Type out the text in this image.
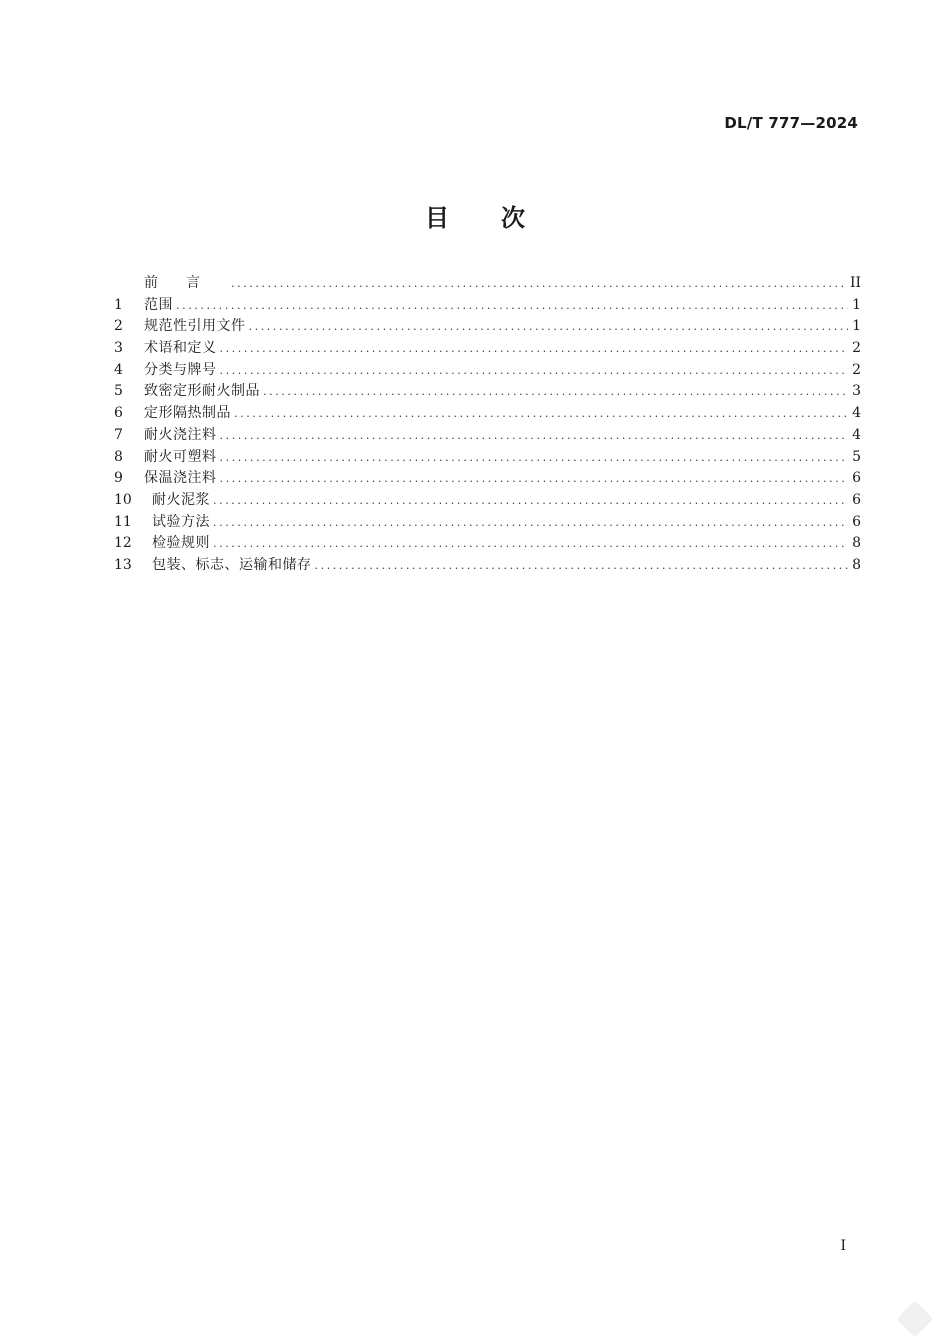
DL/T 777—2024
目次
前言 .....	II
1	范围 .....	1
2	规范性引用文件 .....	1
3	术语和定义 .....	2
4	分类与牌号 .....	2
5	致密定形耐火制品 .....	3
6	定形隔热制品 .....	4
7	耐火浇注料 .....	4
8	耐火可塑料 .....	5
9	保温浇注料 .....	6
10	耐火泥浆 .....	6
11	试验方法 .....	6
12	检验规则 .....	8
13	包装、标志、运输和储存 .....	8
I
